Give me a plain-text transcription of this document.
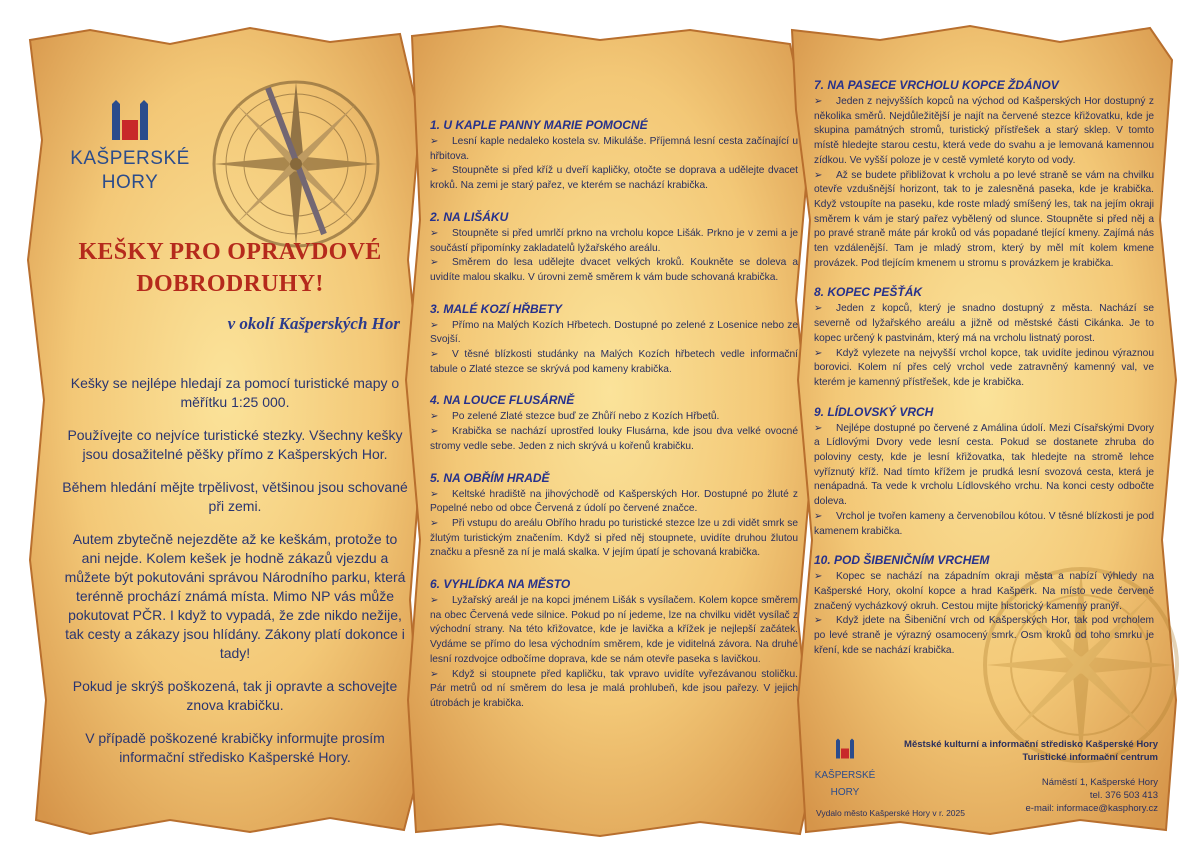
KAŠPERSKÉ
HORY
KEŠKY PRO OPRAVDOVÉ
DOBRODRUHY!
v okolí Kašperských Hor

Kešky se nejlépe hledají za pomocí turistické mapy o měřítku 1:25 000.

Používejte co nejvíce turistické stezky. Všechny kešky jsou dosažitelné pěšky přímo z Kašperských Hor.

Během hledání mějte trpělivost, většinou jsou schované při zemi.

Autem zbytečně nejezděte až ke keškám, protože to ani nejde. Kolem kešek je hodně zákazů vjezdu a můžete být pokutováni správou Národního parku, která terénně prochází známá místa. Mimo NP vás může pokutovat PČR. I když to vypadá, že zde nikdo nežije, tak cesty a zákazy jsou hlídány. Zákony platí dokonce i tady!

Pokud je skrýš poškozená, tak ji opravte a schovejte znova krabičku.

V případě poškozené krabičky informujte prosím informační středisko Kašperské Hory.

1. U KAPLE PANNY MARIE POMOCNÉ

➢ Lesní kaple nedaleko kostela sv. Mikuláše. Příjemná lesní cesta začínající u hřbitova.

➢ Stoupněte si před kříž u dveří kapličky, otočte se doprava a udělejte dvacet kroků. Na zemi je starý pařez, ve kterém se nachází krabička.

2. NA LIŠÁKU

➢ Stoupněte si před umrlčí prkno na vrcholu kopce Lišák. Prkno je v zemi a je součástí připomínky zakladatelů lyžařského areálu.

➢ Směrem do lesa udělejte dvacet velkých kroků. Koukněte se doleva a uvidíte malou skalku. V úrovni země směrem k vám bude schovaná krabička.

3. MALÉ KOZÍ HŘBETY

➢ Přímo na Malých Kozích Hřbetech. Dostupné po zelené z Losenice nebo ze Svojší.

➢ V těsné blízkosti studánky na Malých Kozích hřbetech vedle informační tabule o Zlaté stezce se skrývá pod kameny krabička.

4. NA LOUCE FLUSÁRNĚ

➢ Po zelené Zlaté stezce buď ze Zhůří nebo z Kozích Hřbetů.

➢ Krabička se nachází uprostřed louky Flusárna, kde jsou dva velké ovocné stromy vedle sebe. Jeden z nich skrývá u kořenů krabičku.

5. NA OBŘÍM HRADĚ

➢ Keltské hradiště na jihovýchodě od Kašperských Hor. Dostupné po žluté z Popelné nebo od obce Červená z údolí po červené značce.

➢ Při vstupu do areálu Obřího hradu po turistické stezce lze u zdi vidět smrk se žlutým turistickým značením. Když si před něj stoupnete, uvidíte druhou žlutou značku a přesně za ní je malá skalka. V jejím úpatí je schovaná krabička.

6. VYHLÍDKA NA MĚSTO

➢ Lyžařský areál je na kopci jménem Lišák s vysílačem. Kolem kopce směrem na obec Červená vede silnice. Pokud po ní jedeme, lze na chvilku vidět vysílač z východní strany. Na této křižovatce, kde je lavička a křížek je nejlepší začátek. Vydáme se přímo do lesa východním směrem, kde je viditelná závora. Na druhé lesní rozdvojce odbočíme doprava, kde se nám otevře paseka s lavičkou.

➢ Když si stoupnete před kapličku, tak vpravo uvidíte vyřezávanou stoličku. Pár metrů od ní směrem do lesa je malá prohlubeň, kde jsou pařezy. V jejich útrobách je krabička.

7. NA PASECE VRCHOLU KOPCE ŽDÁNOV

➢ Jeden z nejvyšších kopců na východ od Kašperských Hor dostupný z několika směrů. Nejdůležitější je najít na červené stezce křižovatku, kde je skupina památných stromů, turistický přístřešek a starý sklep. V tomto místě hledejte starou cestu, která vede do svahu a je lemovaná kamennou zídkou. Ve vyšší poloze je v cestě vymleté koryto od vody.

➢ Až se budete přibližovat k vrcholu a po levé straně se vám na chvilku otevře vzdušnější horizont, tak to je zalesněná paseka, kde je krabička. Když vstoupíte na paseku, kde roste mladý smíšený les, tak na jejím okraji směrem k vám je starý pařez vybělený od slunce. Stoupněte si před něj a po pravé straně máte pár kroků od vás popadané tlející kmeny. Zajímá nás ten vzdálenější. Tam je mladý strom, který by měl mít kolem kmene provázek. Pod tlejícím kmenem u stromu s provázkem je krabička.

8. KOPEC PEŠŤÁK

➢ Jeden z kopců, který je snadno dostupný z města. Nachází se severně od lyžařského areálu a jižně od městské části Cikánka. Je to kopec určený k pastvinám, který má na vrcholu listnatý porost.

➢ Když vylezete na nejvyšší vrchol kopce, tak uvidíte jedinou výraznou borovici. Kolem ní přes celý vrchol vede zatravněný kamenný val, ve kterém je kamenný přístřešek, kde je krabička.

9. LÍDLOVSKÝ VRCH

➢ Nejlépe dostupné po červené z Amálina údolí. Mezi Císařskými Dvory a Lídlovými Dvory vede lesní cesta. Pokud se dostanete zhruba do poloviny cesty, kde je lesní křižovatka, tak hledejte na stromě lehce vyříznutý kříž. Nad tímto křížem je prudká lesní svozová cesta, která je nenápadná. Ta vede k vrcholu Lídlovského vrchu. Na konci cesty odbočte doleva.

➢ Vrchol je tvořen kameny a červenobílou kótou. V těsné blízkosti je pod kamenem krabička.

10. POD ŠIBENIČNÍM VRCHEM

➢ Kopec se nachází na západním okraji města a nabízí výhledy na Kašperské Hory, okolní kopce a hrad Kašperk. Na místo vede červeně značený vycházkový okruh. Cestou mijte historický kamenný pranýř.

➢ Když jdete na Šibeniční vrch od Kašperských Hor, tak pod vrcholem po levé straně je výrazný osamocený smrk. Osm kroků od toho smrku je kření, kde se nachází krabička.

KAŠPERSKÉ
HORY
Městské kulturní a informační středisko Kašperské Hory
Turistické informační centrum
Náměstí 1, Kašperské Hory
tel. 376 503 413
e-mail: informace@kasphory.cz
Vydalo město Kašperské Hory v r. 2025
